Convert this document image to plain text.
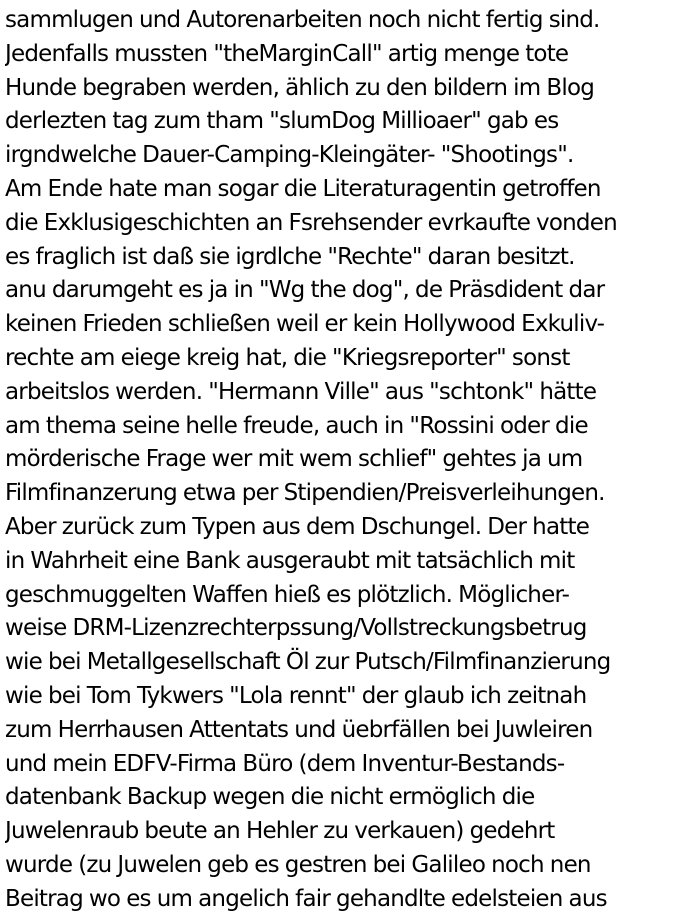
sammlugen und Autorenarbeiten noch nicht fertig sind.
Jedenfalls mussten "theMarginCall" artig menge tote
Hunde begraben werden, ählich zu den bildern im Blog
derlezten tag zum tham "slumDog Millioaer" gab es
irgndwelche Dauer-Camping-Kleingäter- "Shootings".
Am Ende hate man sogar die Literaturagentin getroffen
die Exklusigeschichten an Fsrehsender evrkaufte vonden
es fraglich ist daß sie igrdlche "Rechte" daran besitzt.
anu darumgeht es ja in "Wg the dog", de Präsdident dar
keinen Frieden schließen weil er kein Hollywood Exkuliv-
rechte am eiege kreig hat, die "Kriegsreporter" sonst
arbeitslos werden. "Hermann Ville" aus "schtonk" hätte
am thema seine helle freude, auch in "Rossini oder die
mörderische Frage wer mit wem schlief" gehtes ja um
Filmfinanzerung etwa per Stipendien/Preisverleihungen.
Aber zurück zum Typen aus dem Dschungel. Der hatte
in Wahrheit eine Bank ausgeraubt mit tatsächlich mit
geschmuggelten Waffen hieß es plötzlich. Möglicher-
weise DRM-Lizenzrechterpssung/Vollstreckungsbetrug
wie bei Metallgesellschaft Öl zur Putsch/Filmfinanzierung
wie bei Tom Tykwers "Lola rennt" der glaub ich zeitnah
zum Herrhausen Attentats und üebrfällen bei Juwleiren
und mein EDFV-Firma Büro (dem Inventur-Bestands-
datenbank Backup wegen die nicht ermöglich die
Juwelenraub beute an Hehler zu verkauen) gedehrt
wurde (zu Juwelen geb es gestren bei Galileo noch nen
Beitrag wo es um angelich fair gehandlte edelsteien aus
